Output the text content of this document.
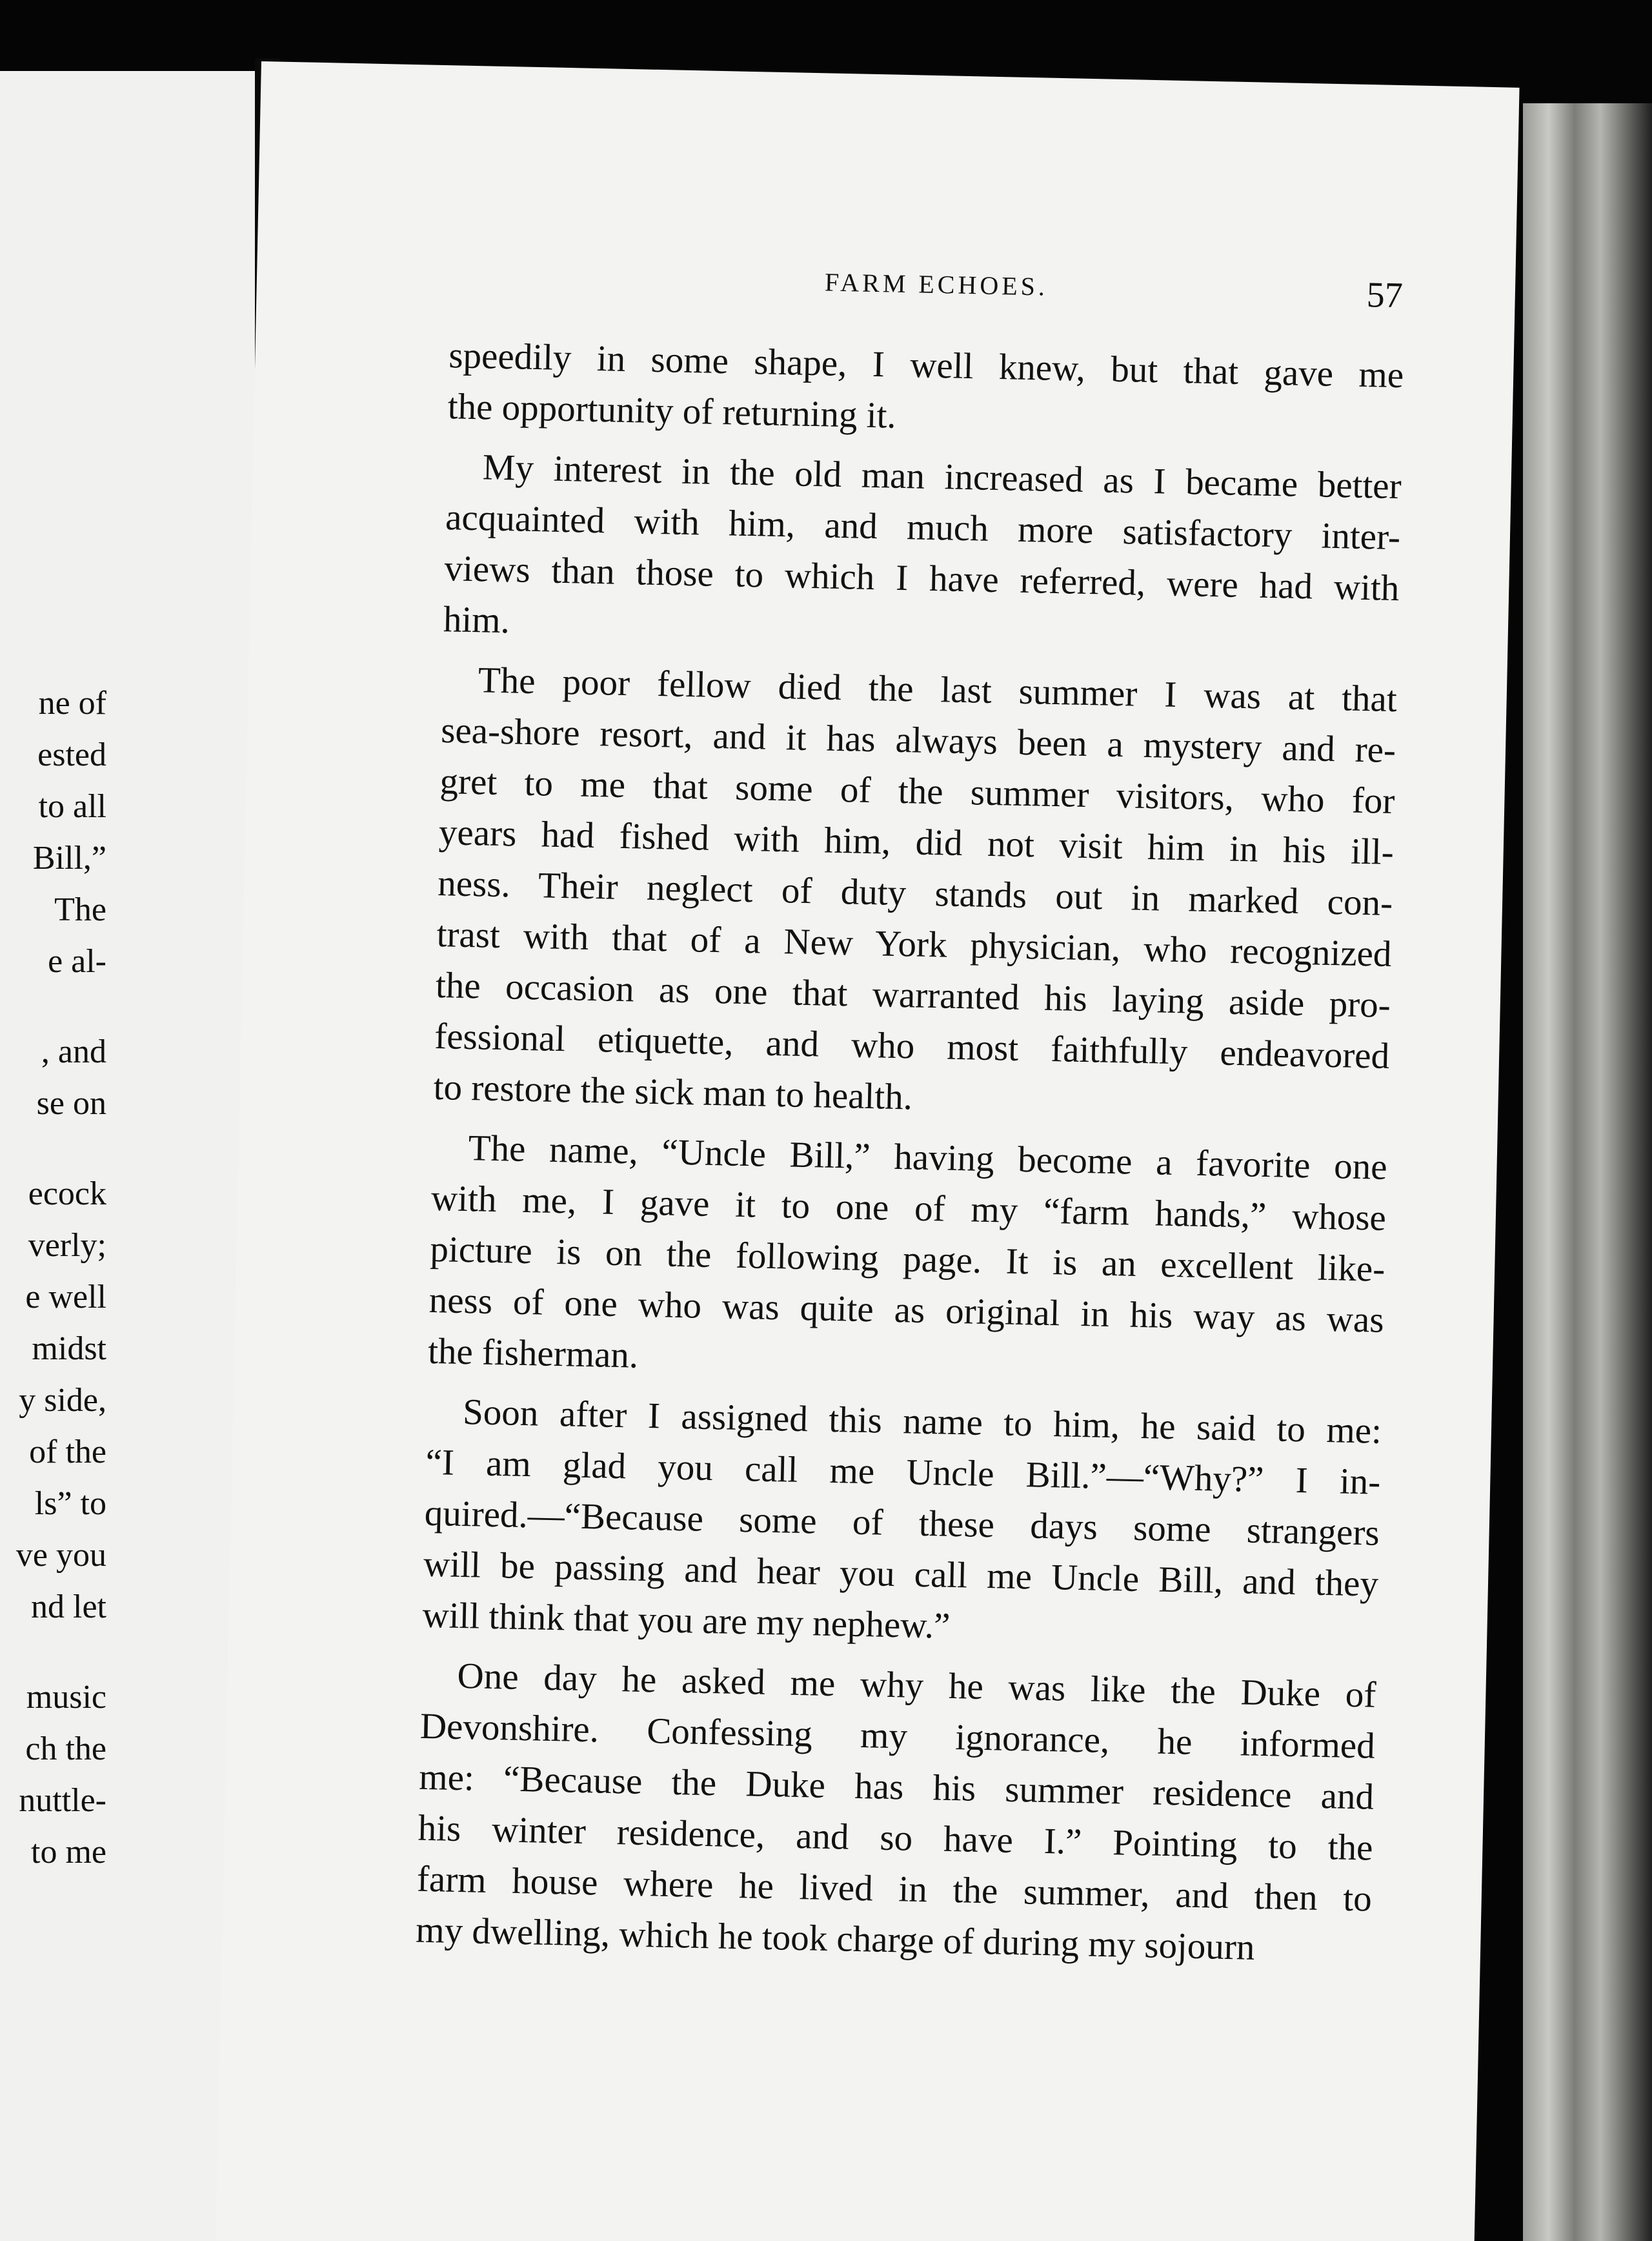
ne of
ested
to all
Bill,”
The
e al-
, and
se on
ecock
verly;
e well
midst
y side,
of the
ls” to
ve you
nd let
music
ch the
nuttle-
to me
FARM ECHOES.	57
speedily in some shape, I well knew, but that gave me
the opportunity of returning it.
My interest in the old man increased as I became better
acquainted with him, and much more satisfactory inter-
views than those to which I have referred, were had with
him.
The poor fellow died the last summer I was at that
sea-shore resort, and it has always been a mystery and re-
gret to me that some of the summer visitors, who for
years had fished with him, did not visit him in his ill-
ness. Their neglect of duty stands out in marked con-
trast with that of a New York physician, who recognized
the occasion as one that warranted his laying aside pro-
fessional etiquette, and who most faithfully endeavored
to restore the sick man to health.
The name, “Uncle Bill,” having become a favorite one
with me, I gave it to one of my “farm hands,” whose
picture is on the following page. It is an excellent like-
ness of one who was quite as original in his way as was
the fisherman.
Soon after I assigned this name to him, he said to me:
“I am glad you call me Uncle Bill.”—“Why?” I in-
quired.—“Because some of these days some strangers
will be passing and hear you call me Uncle Bill, and they
will think that you are my nephew.”
One day he asked me why he was like the Duke of
Devonshire. Confessing my ignorance, he informed
me: “Because the Duke has his summer residence and
his winter residence, and so have I.” Pointing to the
farm house where he lived in the summer, and then to
my dwelling, which he took charge of during my sojourn
